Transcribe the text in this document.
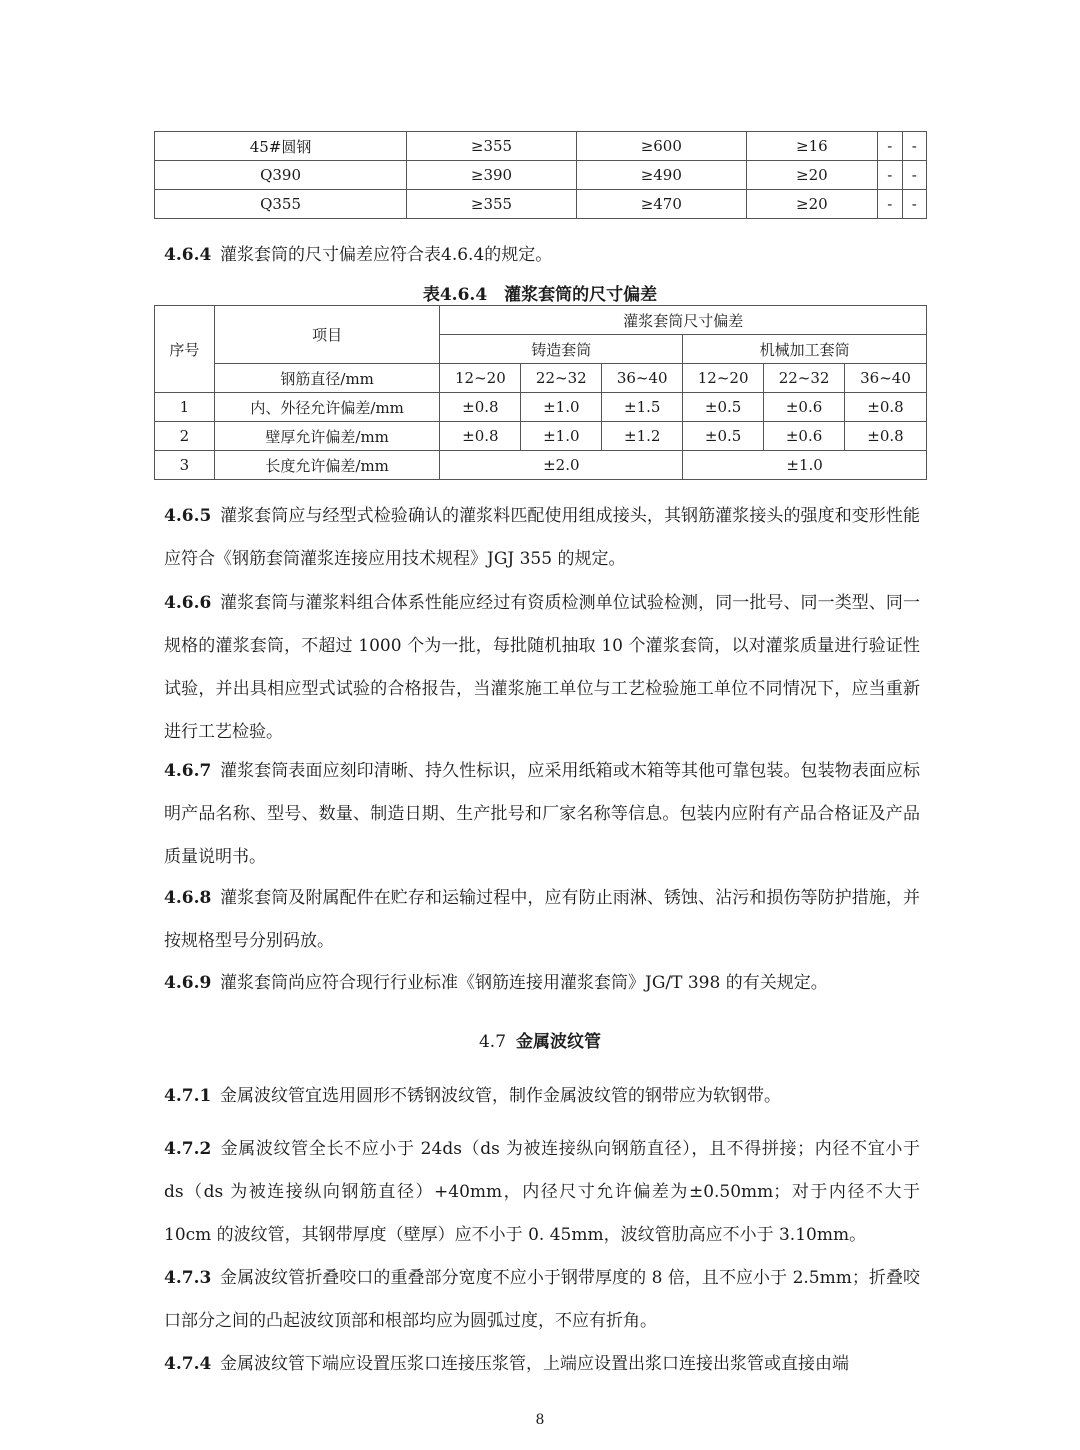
45#圆钢	≥355	≥600	≥16	-	-
Q390	≥390	≥490	≥20	-	-
Q355	≥355	≥470	≥20	-	-
4.6.4 灌浆套筒的尺寸偏差应符合表4.6.4的规定。
表4.6.4　灌浆套筒的尺寸偏差
序号	项目	灌浆套筒尺寸偏差					
		铸造套筒			机械加工套筒		
	钢筋直径/mm	12~20	22~32	36~40	12~20	22~32	36~40
1	内、外径允许偏差/mm	±0.8	±1.0	±1.5	±0.5	±0.6	±0.8
2	壁厚允许偏差/mm	±0.8	±1.0	±1.2	±0.5	±0.6	±0.8
3	长度允许偏差/mm	±2.0			±1.0		
4.6.5 灌浆套筒应与经型式检验确认的灌浆料匹配使用组成接头，其钢筋灌浆接头的强度和变形性能应符合《钢筋套筒灌浆连接应用技术规程》JGJ 355 的规定。
4.6.6 灌浆套筒与灌浆料组合体系性能应经过有资质检测单位试验检测，同一批号、同一类型、同一规格的灌浆套筒，不超过 1000 个为一批，每批随机抽取 10 个灌浆套筒，以对灌浆质量进行验证性试验，并出具相应型式试验的合格报告，当灌浆施工单位与工艺检验施工单位不同情况下，应当重新进行工艺检验。
4.6.7 灌浆套筒表面应刻印清晰、持久性标识，应采用纸箱或木箱等其他可靠包装。包装物表面应标明产品名称、型号、数量、制造日期、生产批号和厂家名称等信息。包装内应附有产品合格证及产品质量说明书。
4.6.8 灌浆套筒及附属配件在贮存和运输过程中，应有防止雨淋、锈蚀、沾污和损伤等防护措施，并按规格型号分别码放。
4.6.9 灌浆套筒尚应符合现行行业标准《钢筋连接用灌浆套筒》JG/T 398 的有关规定。
4.7 金属波纹管
4.7.1 金属波纹管宜选用圆形不锈钢波纹管，制作金属波纹管的钢带应为软钢带。
4.7.2 金属波纹管全长不应小于 24ds（ds 为被连接纵向钢筋直径），且不得拼接；内径不宜小于 ds（ds 为被连接纵向钢筋直径）+40mm，内径尺寸允许偏差为±0.50mm；对于内径不大于 10cm 的波纹管，其钢带厚度（壁厚）应不小于 0. 45mm，波纹管肋高应不小于 3.10mm。
4.7.3 金属波纹管折叠咬口的重叠部分宽度不应小于钢带厚度的 8 倍，且不应小于 2.5mm；折叠咬口部分之间的凸起波纹顶部和根部均应为圆弧过度，不应有折角。
4.7.4 金属波纹管下端应设置压浆口连接压浆管，上端应设置出浆口连接出浆管或直接由端
8
